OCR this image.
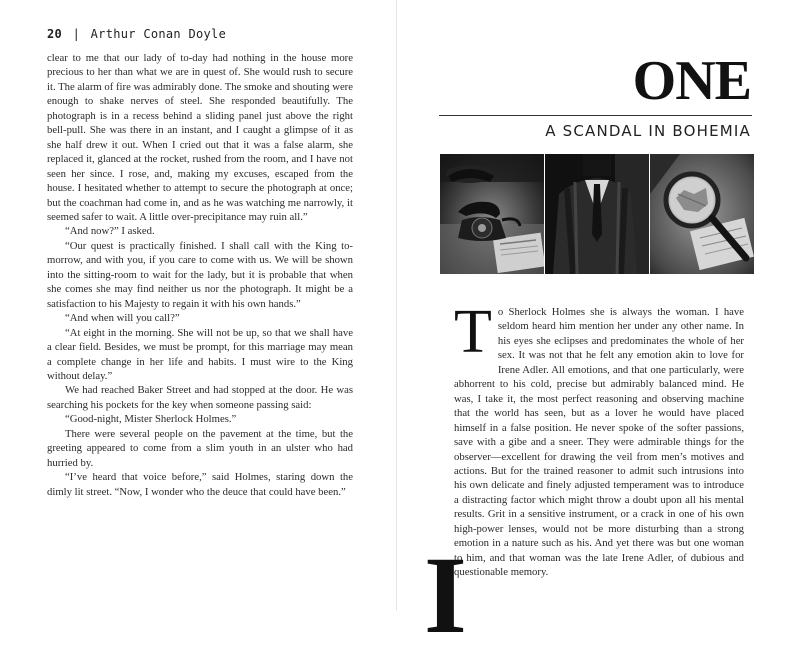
20 | Arthur Conan Doyle

clear to me that our lady of to-day had nothing in the house more precious to her than what we are in quest of. She would rush to secure it. The alarm of fire was admirably done. The smoke and shouting were enough to shake nerves of steel. She responded beautifully. The photograph is in a recess behind a sliding panel just above the right bell-pull. She was there in an instant, and I caught a glimpse of it as she half drew it out. When I cried out that it was a false alarm, she replaced it, glanced at the rocket, rushed from the room, and I have not seen her since. I rose, and, making my excuses, escaped from the house. I hesitated whether to attempt to secure the photograph at once; but the coachman had come in, and as he was watching me narrowly, it seemed safer to wait. A little over-precipitance may ruin all.”

“And now?” I asked.

“Our quest is practically finished. I shall call with the King to-morrow, and with you, if you care to come with us. We will be shown into the sitting-room to wait for the lady, but it is probable that when she comes she may find neither us nor the photograph. It might be a satisfaction to his Majesty to regain it with his own hands.”

“And when will you call?”

“At eight in the morning. She will not be up, so that we shall have a clear field. Besides, we must be prompt, for this marriage may mean a complete change in her life and habits. I must wire to the King without delay.”

We had reached Baker Street and had stopped at the door. He was searching his pockets for the key when someone passing said:

“Good-night, Mister Sherlock Holmes.”

There were several people on the pavement at the time, but the greeting appeared to come from a slim youth in an ulster who had hurried by.

“I’ve heard that voice before,” said Holmes, staring down the dimly lit street. “Now, I wonder who the deuce that could have been.”

ONE
A SCANDAL IN BOHEMIA

To Sherlock Holmes she is always the woman. I have seldom heard him mention her under any other name. In his eyes she eclipses and predominates the whole of her sex. It was not that he felt any emotion akin to love for Irene Adler. All emotions, and that one particularly, were abhorrent to his cold, precise but admirably balanced mind. He was, I take it, the most perfect reasoning and observing machine that the world has seen, but as a lover he would have placed himself in a false position. He never spoke of the softer passions, save with a gibe and a sneer. They were admirable things for the observer—excellent for drawing the veil from men’s motives and actions. But for the trained reasoner to admit such intrusions into his own delicate and finely adjusted temperament was to introduce a distracting factor which might throw a doubt upon all his mental results. Grit in a sensitive instrument, or a crack in one of his own high-power lenses, would not be more disturbing than a strong emotion in a nature such as his. And yet there was but one woman to him, and that woman was the late Irene Adler, of dubious and questionable memory.

I
